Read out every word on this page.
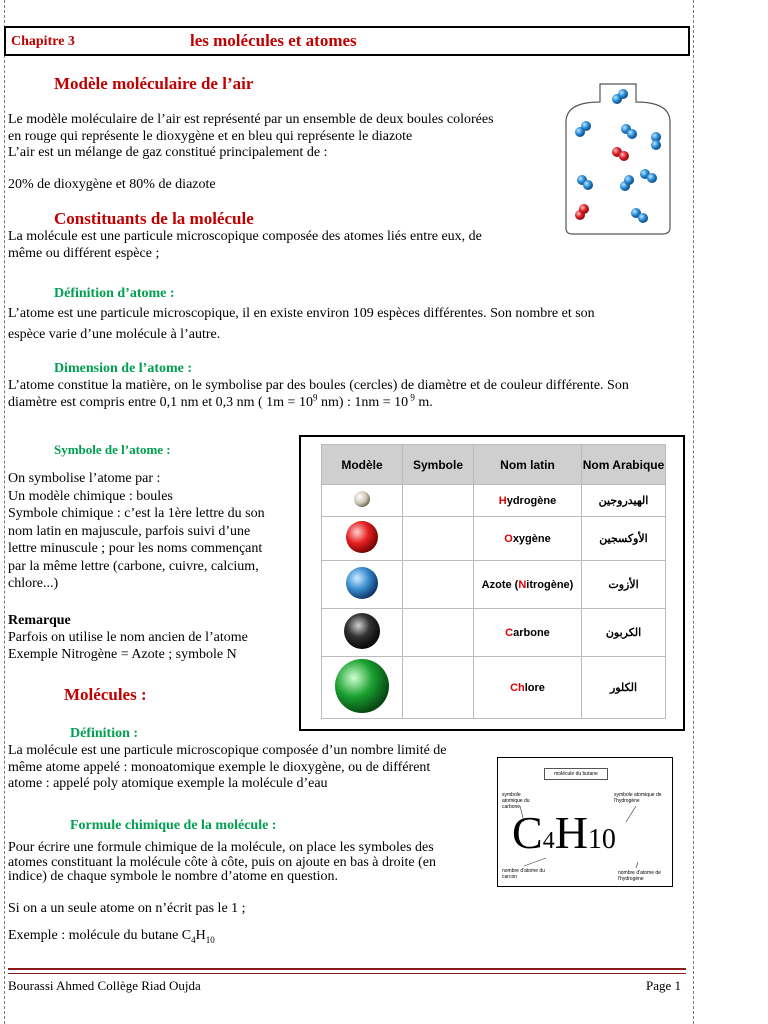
Chapitre 3	les molécules et atomes
Modèle moléculaire de l’air
Le modèle moléculaire de l’air est représenté par un ensemble de deux boules colorées
en rouge qui représente le dioxygène et en bleu qui représente le diazote
L’air est un mélange de gaz constitué principalement de :
20% de dioxygène et 80% de diazote
Constituants de la molécule
La molécule est une particule microscopique composée des atomes liés entre eux, de
même ou différent espèce ;
Définition d’atome :
L’atome est une particule microscopique, il en existe environ 109 espèces différentes. Son nombre et son
espèce varie d’une molécule à l’autre.
Dimension de l’atome :
L’atome constitue la matière, on le symbolise par des boules (cercles) de diamètre et de couleur différente. Son
diamètre est compris entre 0,1 nm et 0,3 nm ( $1m = 10^9$ nm) : 1nm = 10 $^9$ m.
Symbole de l’atome :
On symbolise l’atome par :
Un modèle chimique : boules
Symbole chimique : c’est la 1ère lettre du son
nom latin en majuscule, parfois suivi d’une
lettre minuscule ; pour les noms commençant
par la même lettre (carbone, cuivre, calcium,
chlore...)
Remarque
Parfois on utilise le nom ancien de l’atome
Exemple Nitrogène = Azote ; symbole N
Modèle	Symbole	Nom latin	Nom Arabique
		Hydrogène	الهيدروجين
		Oxygène	الأوكسجين
		Azote (Nitrogène)	الأزوت
		Carbone	الكربون
		Chlore	الكلور
Molécules :
Définition :
La molécule est une particule microscopique composée d’un nombre limité de
même atome appelé : monoatomique exemple le dioxygène, ou de différent
atome : appelé poly atomique exemple la molécule d’eau
Formule chimique de la molécule :
Pour écrire une formule chimique de la molécule, on place les symboles des
atomes constituant la molécule côte à côte, puis on ajoute en bas à droite (en
indice) de chaque symbole le nombre d’atome en question.
Si on a un seule atome on n’écrit pas le 1 ;
Exemple : molécule du butane $C_4H_{10}$
molécule du butane
symbole atomique du carbone
symbole atomique de l'hydrogène
C4H10
nombre d'atome du carcon
nombre d'atome de l'hydrogène
Bourassi Ahmed Collège Riad Oujda	Page 1
